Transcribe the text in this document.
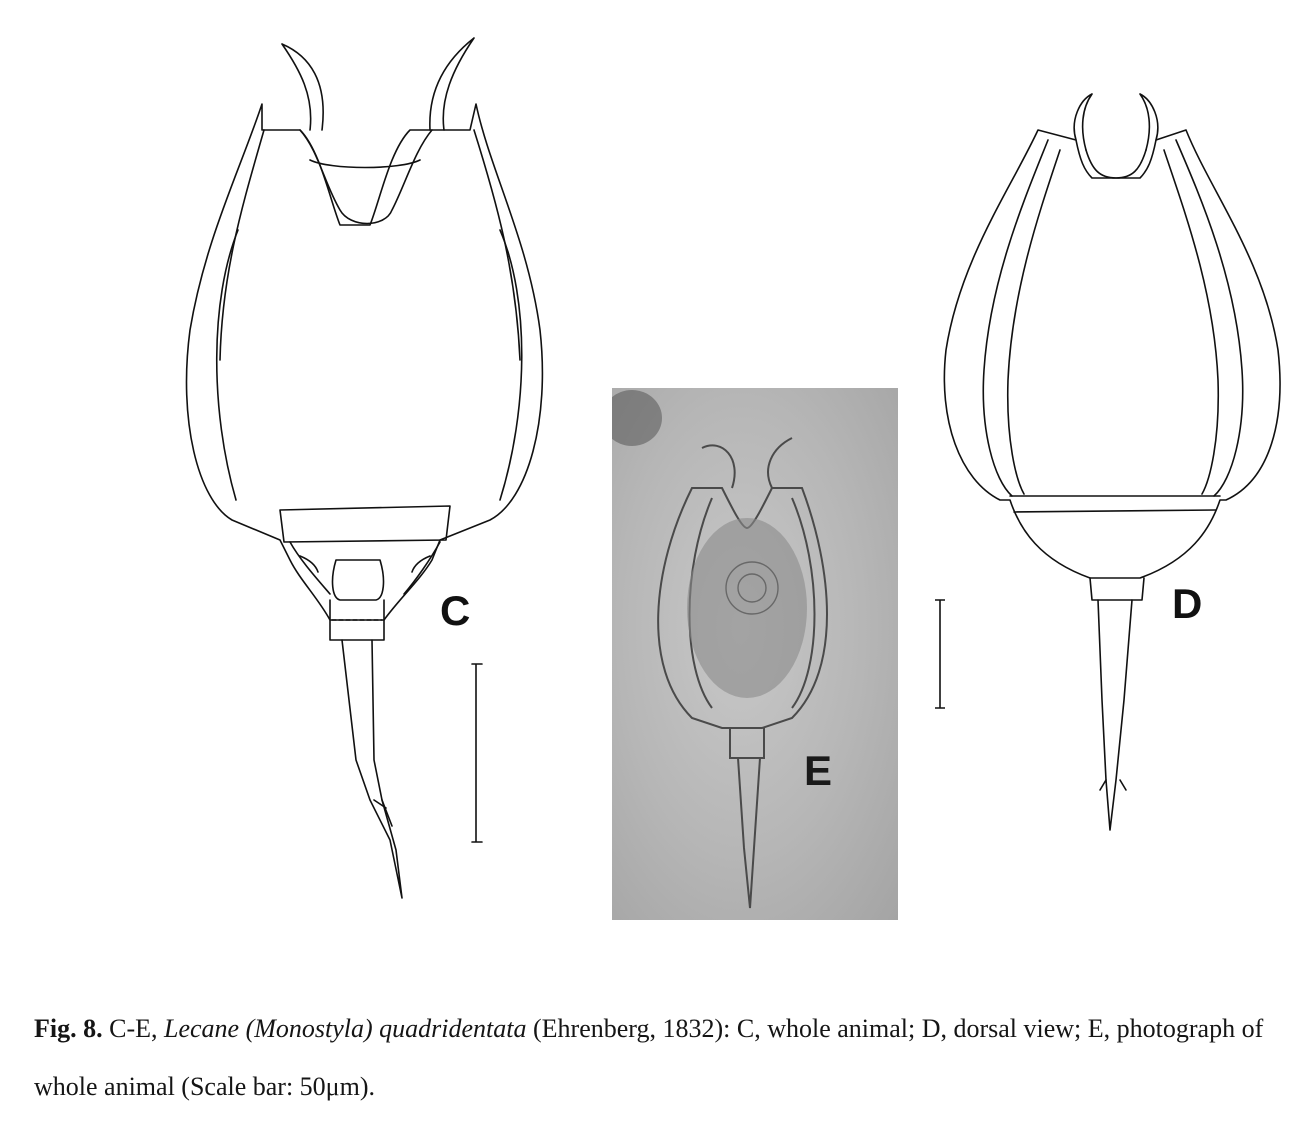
C
E
D
Fig. 8. C-E, Lecane (Monostyla) quadridentata (Ehrenberg, 1832): C, whole animal; D, dorsal view; E, photograph of whole animal (Scale bar: 50μm).
